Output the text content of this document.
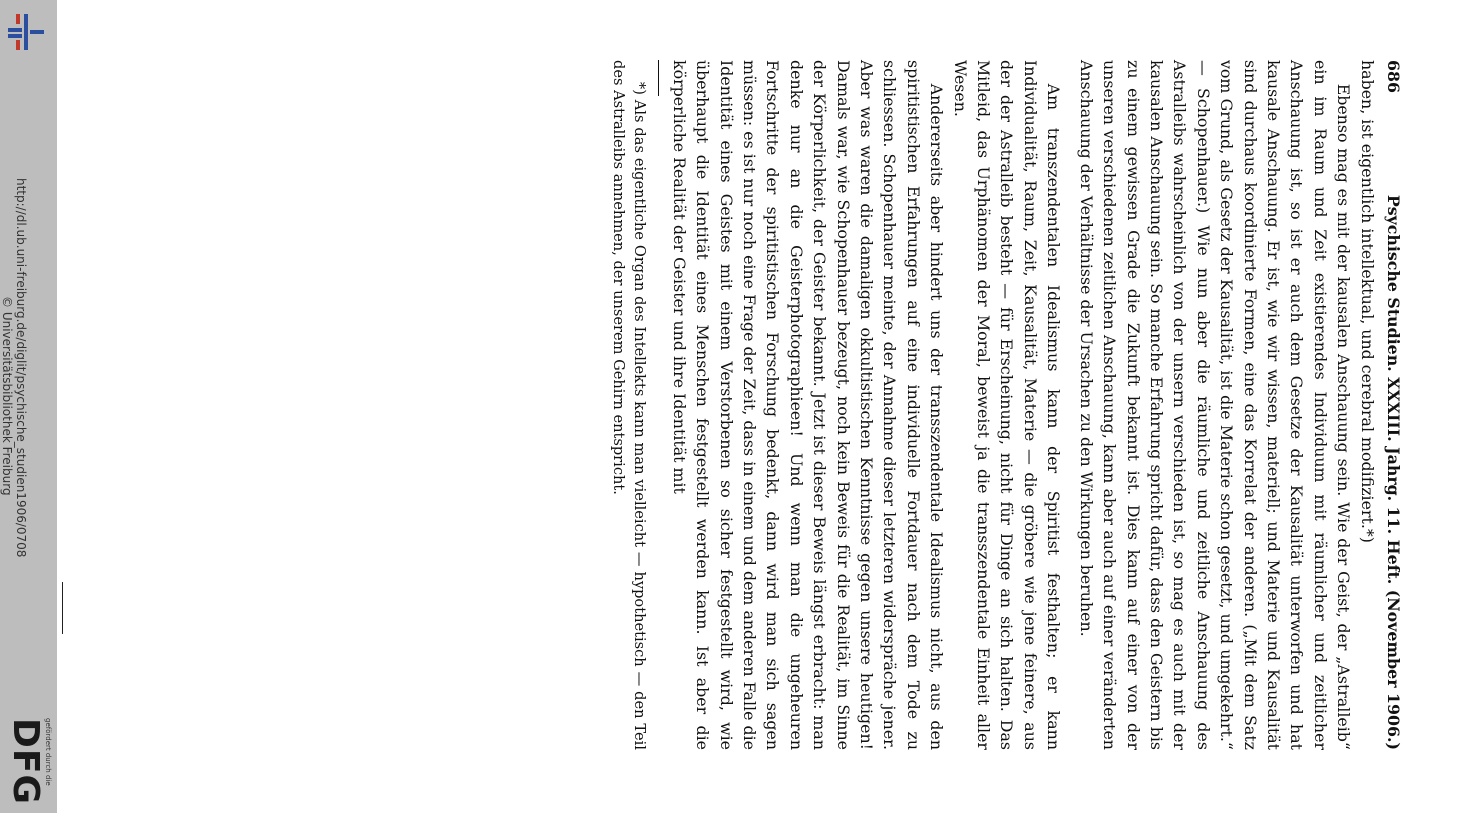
http://dl.ub.uni-freiburg.de/diglit/psychische_studien1906/0708
© Universitätsbibliothek Freiburg
gefördert durch die
DFG
686
Psychische Studien. XXXIII. Jahrg. 11. Heft. (November 1906.)

haben, ist eigentlich intellektual, und cerebral modifiziert.*)

Ebenso mag es mit der kausalen Anschauung sein. Wie der Geist, der „Astralleib“ ein im Raum und Zeit existierendes Individuum mit räumlicher und zeitlicher Anschauung ist, so ist er auch dem Gesetze der Kausalität unterworfen und hat kausale Anschauung. Er ist, wie wir wissen, materiell; und Materie und Kausalität sind durchaus koordinierte Formen, eine das Korrelat der anderen. („Mit dem Satz vom Grund, als Gesetz der Kausalität, ist die Materie schon gesetzt, und umgekehrt.“ — Schopenhauer.) Wie nun aber die räumliche und zeitliche Anschauung des Astralleibs wahrscheinlich von der unsern verschieden ist, so mag es auch mit der kausalen Anschauung sein. So manche Erfahrung spricht dafür, dass den Geistern bis zu einem gewissen Grade die Zukunft bekannt ist. Dies kann auf einer von der unseren verschiedenen zeitlichen Anschauung, kann aber auch auf einer veränderten Anschauung der Verhältnisse der Ursachen zu den Wirkungen beruhen.

Am transzendentalen Idealismus kann der Spiritist festhalten; er kann Individualität, Raum, Zeit, Kausalität, Materie — die gröbere wie jene feinere, aus der der Astralleib besteht — für Erscheinung, nicht für Dinge an sich halten. Das Mitleid, das Urphänomen der Moral, beweist ja die transszendentale Einheit aller Wesen.

Andererseits aber hindert uns der transszendentale Idealismus nicht, aus den spiritistischen Erfahrungen auf eine individuelle Fortdauer nach dem Tode zu schliessen. Schopenhauer meinte, der Annahme dieser letzteren widerspräche jener. Aber was waren die damaligen okkultistischen Kenntnisse gegen unsere heutigen! Damals war, wie Schopenhauer bezeugt, noch kein Beweis für die Realität, im Sinne der Körperlichkeit, der Geister bekannt. Jetzt ist dieser Beweis längst erbracht: man denke nur an die Geisterphotographieen! Und wenn man die ungeheuren Fortschritte der spiritistischen Forschung bedenkt, dann wird man sich sagen müssen: es ist nur noch eine Frage der Zeit, dass in einem und dem anderen Falle die Identität eines Geistes mit einem Verstorbenen so sicher festgestellt wird, wie überhaupt die Identität eines Menschen festgestellt werden kann. Ist aber die körperliche Realität der Geister und ihre Identität mit

*) Als das eigentliche Organ des Intellekts kann man vielleicht — hypothetisch — den Teil des Astralleibs annehmen, der unserem Gehirn entspricht.
